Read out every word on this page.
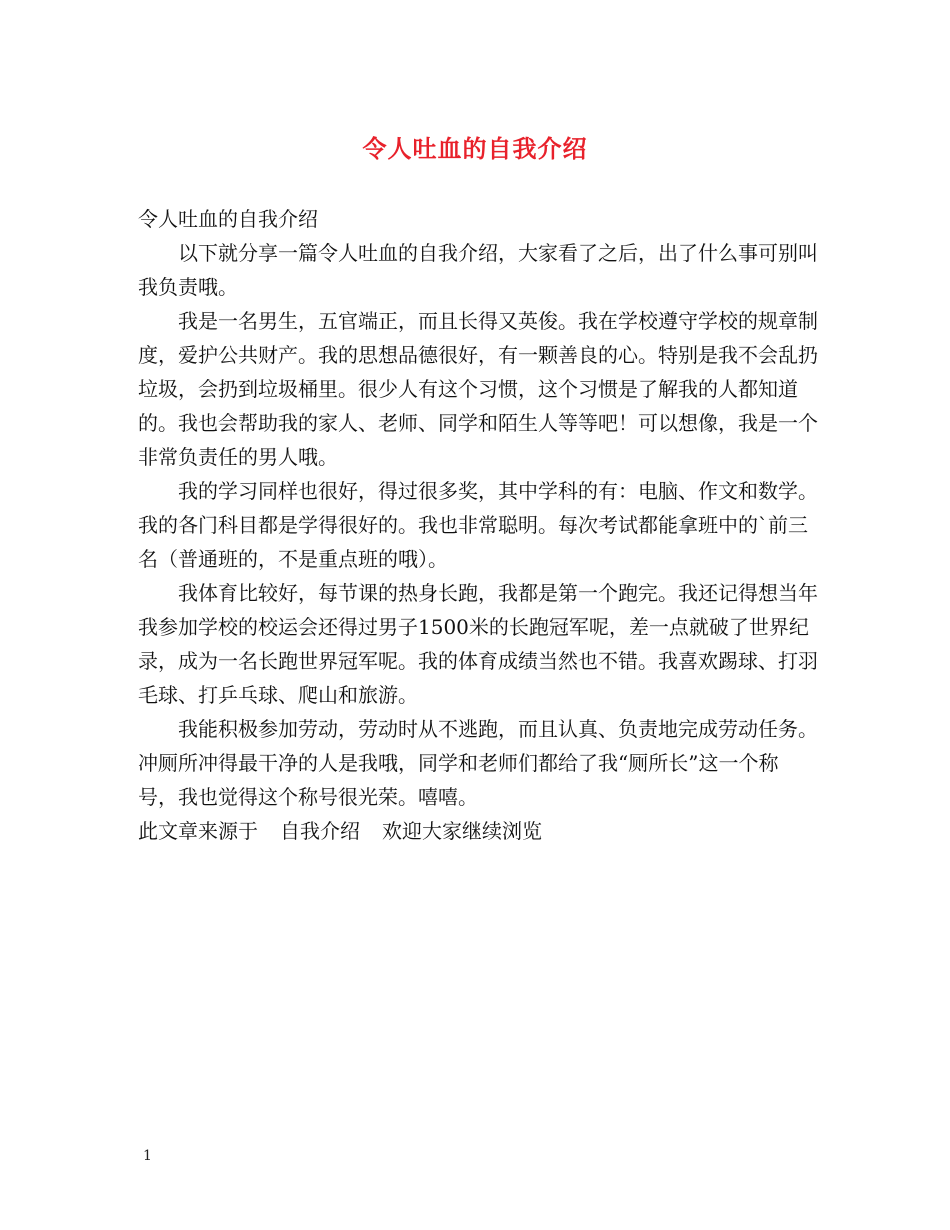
令人吐血的自我介绍

令人吐血的自我介绍

以下就分享一篇令人吐血的自我介绍，大家看了之后，出了什么事可别叫我负责哦。

我是一名男生，五官端正，而且长得又英俊。我在学校遵守学校的规章制度，爱护公共财产。我的思想品德很好，有一颗善良的心。特别是我不会乱扔垃圾，会扔到垃圾桶里。很少人有这个习惯，这个习惯是了解我的人都知道的。我也会帮助我的家人、老师、同学和陌生人等等吧！可以想像，我是一个非常负责任的男人哦。

我的学习同样也很好，得过很多奖，其中学科的有：电脑、作文和数学。我的各门科目都是学得很好的。我也非常聪明。每次考试都能拿班中的`前三名（普通班的，不是重点班的哦）。

我体育比较好，每节课的热身长跑，我都是第一个跑完。我还记得想当年我参加学校的校运会还得过男子1500米的长跑冠军呢，差一点就破了世界纪录，成为一名长跑世界冠军呢。我的体育成绩当然也不错。我喜欢踢球、打羽毛球、打乒乓球、爬山和旅游。

我能积极参加劳动，劳动时从不逃跑，而且认真、负责地完成劳动任务。冲厕所冲得最干净的人是我哦，同学和老师们都给了我“厕所长”这一个称号，我也觉得这个称号很光荣。嘻嘻。

此文章来源于 自我介绍 欢迎大家继续浏览

1
